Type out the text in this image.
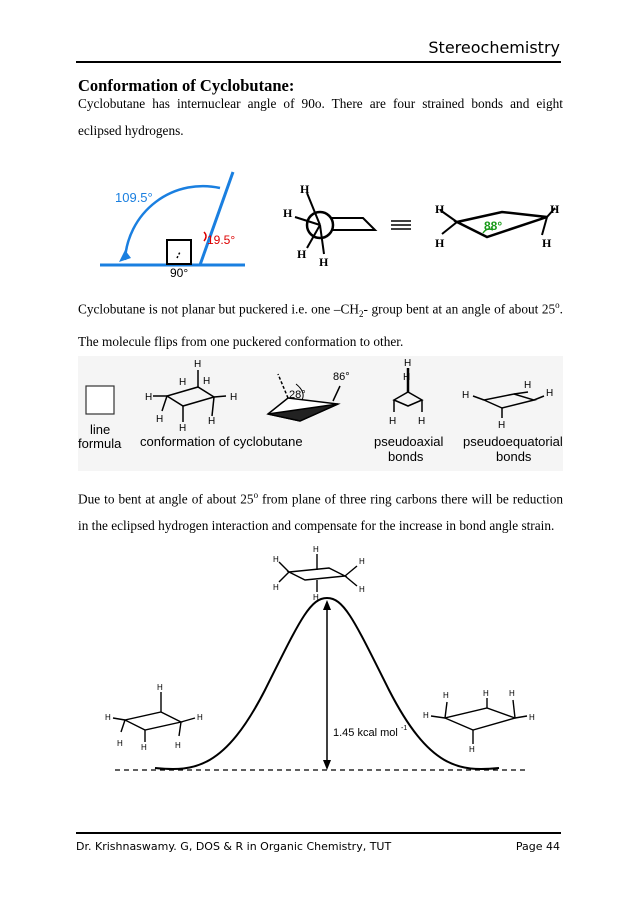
Stereochemistry
Conformation of Cyclobutane:
Cyclobutane has internuclear angle of 90o. There are four strained bonds and eight eclipsed hydrogens.
109.5°
19.5°
90°
H
H
H
H
H
H
H
H
88°
Cyclobutane is not planar but puckered i.e. one $-CH_2-$ group bent at an angle of about 25$^o$. The molecule flips from one puckered conformation to other.
line
formula
H
H
H H
H
H
H
H
conformation of cyclobutane
28°
86°
H
H
H H
pseudoaxial
bonds
H	H
H
H
pseudoequatorial
bonds
Due to bent at angle of about 25$^o$ from plane of three ring carbons there will be reduction in the eclipsed hydrogen interaction and compensate for the increase in bond angle strain.
1.45 kcal mol -1
H
H
H
H
H
H
H
H
H
H
H
H
H	H
H
H
H
H
Dr. Krishnaswamy. G, DOS & R in Organic Chemistry, TUT	Page 44
